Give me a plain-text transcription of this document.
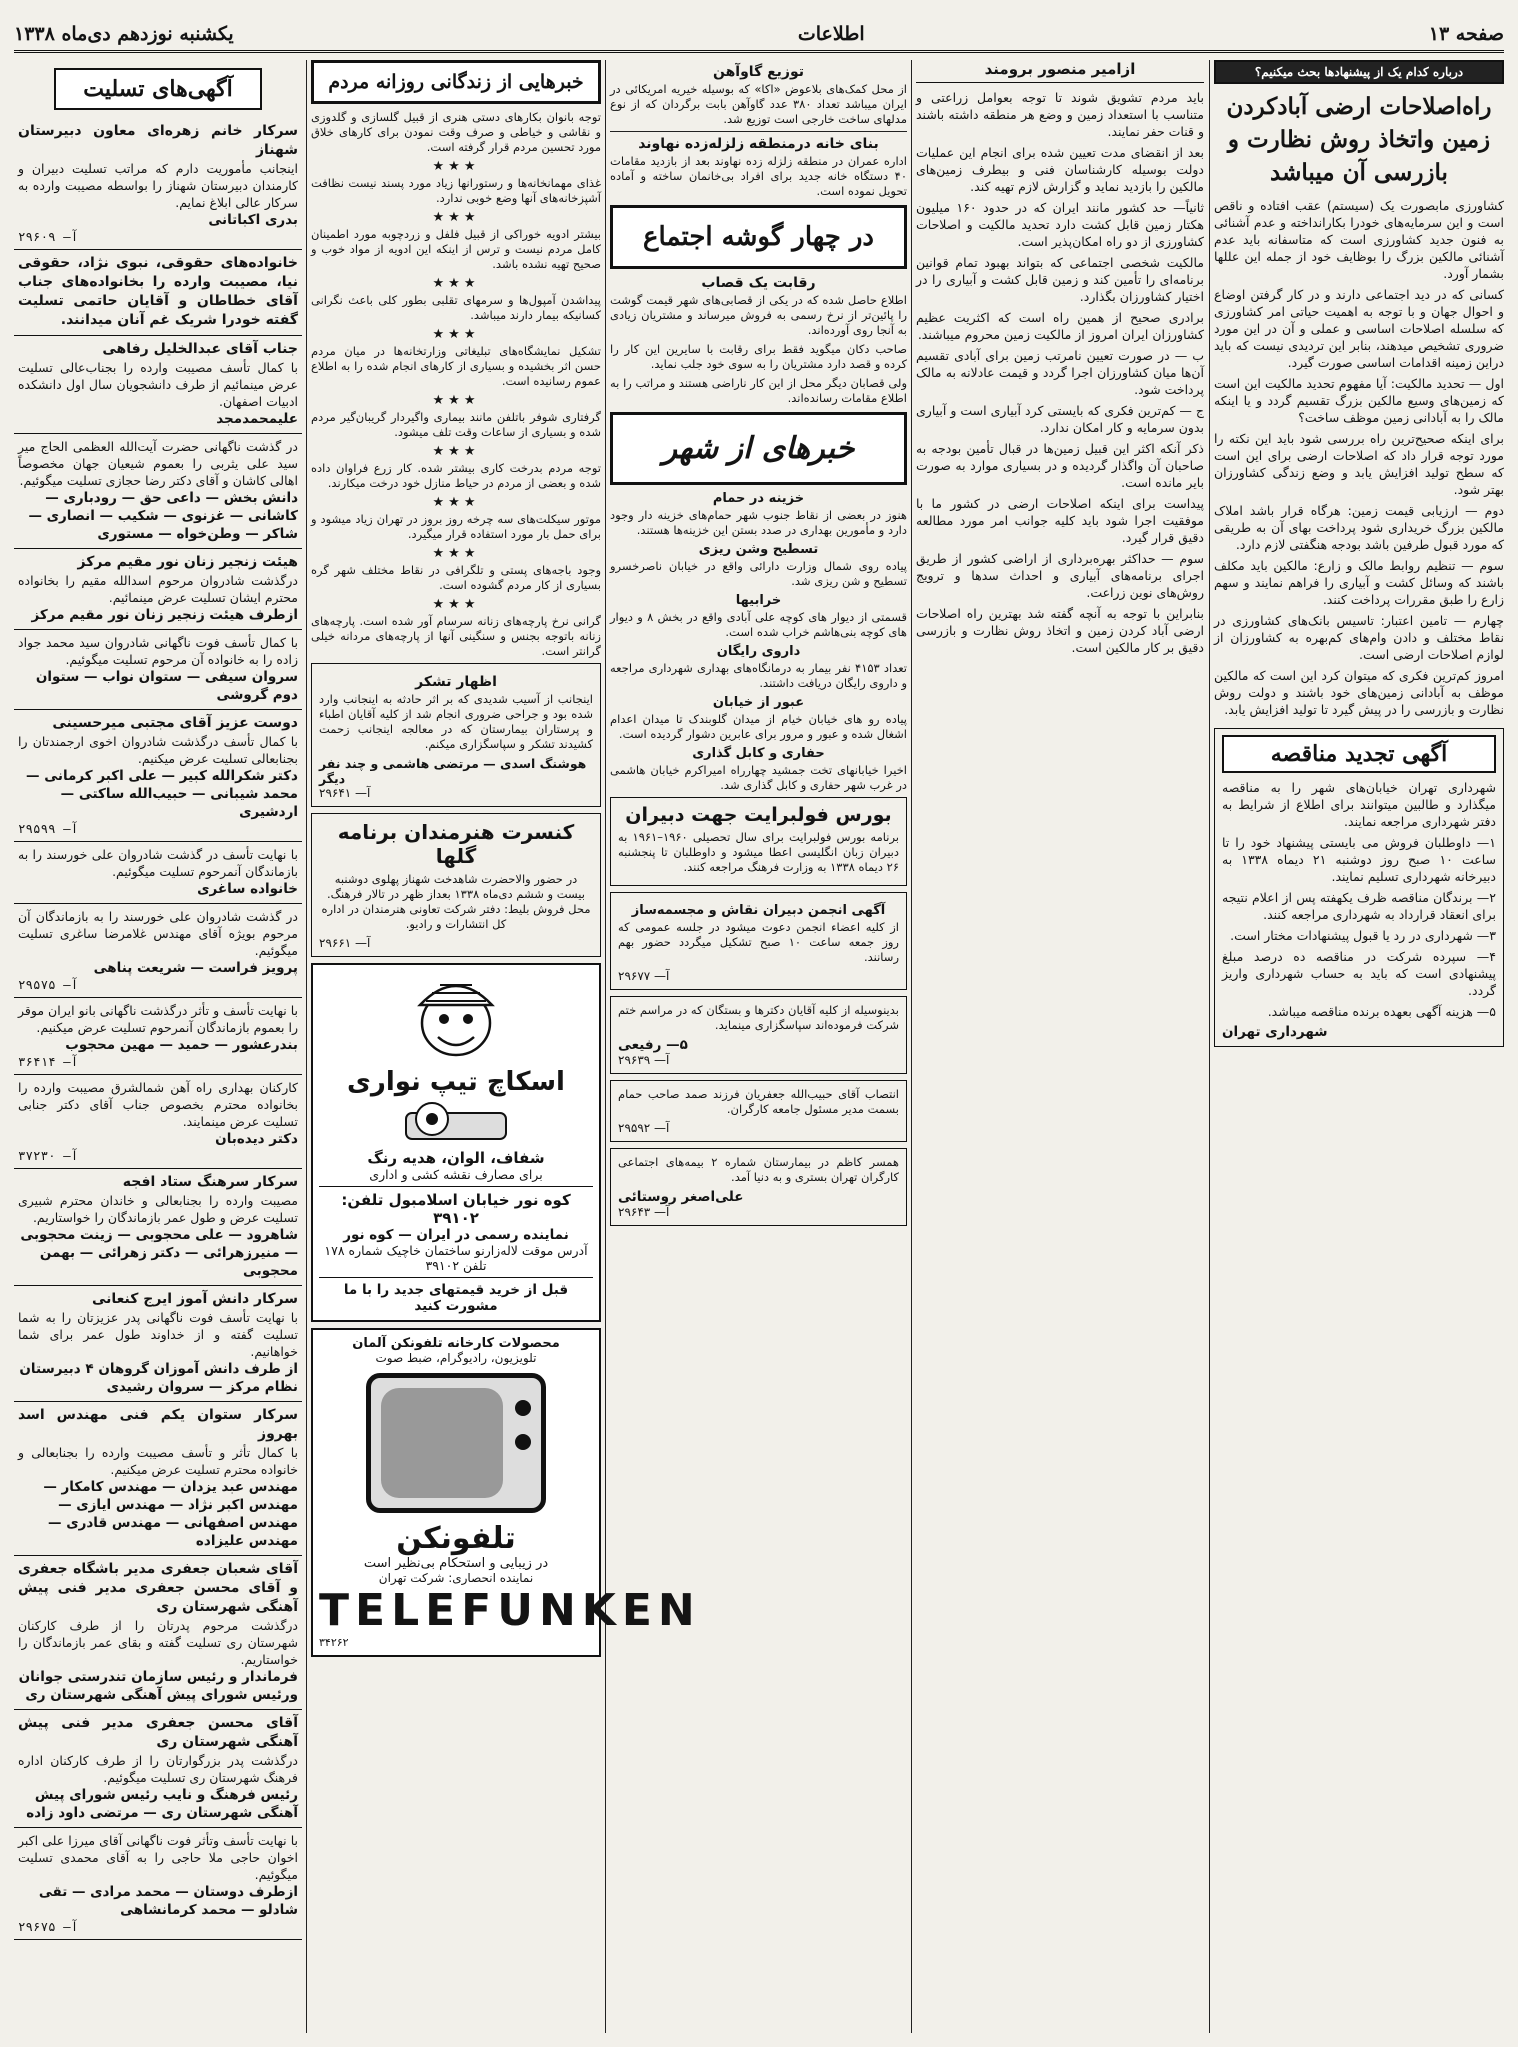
صفحه ۱۳
اطلاعات
یکشنبه نوزدهم دی‌ماه ۱۳۳۸
درباره کدام یک از پیشنهادها بحث میکنیم؟
راه‌اصلاحات ارضی آبادکردن زمین واتخاذ روش نظارت و بازرسی آن میباشد

کشاورزی مابصورت یک (سیستم) عقب افتاده و ناقص است و این سرمایه‌های خودرا بکارانداخته و عدم آشنائی به فنون جدید کشاورزی است که متاسفانه باید عدم آشنائی مالکین بزرگ را بوظایف خود از جمله این عللها بشمار آورد.

کسانی که در دید اجتماعی دارند و در کار گرفتن اوضاع و احوال جهان و با توجه به اهمیت حیاتی امر کشاورزی که سلسله اصلاحات اساسی و عملی و آن در این مورد ضروری تشخیص میدهند، بنابر این تردیدی نیست که باید دراین زمینه اقدامات اساسی صورت گیرد.

اول — تحدید مالکیت: آیا مفهوم تحدید مالکیت این است که زمین‌های وسیع مالکین بزرگ تقسیم گردد و یا اینکه مالک را به آبادانی زمین موظف ساخت؟

برای اینکه صحیح‌ترین راه بررسی شود باید این نکته را مورد توجه قرار داد که اصلاحات ارضی برای این است که سطح تولید افزایش یابد و وضع زندگی کشاورزان بهتر شود.

دوم — ارزیابی قیمت زمین: هرگاه قرار باشد املاک مالکین بزرگ خریداری شود پرداخت بهای آن به طریقی که مورد قبول طرفین باشد بودجه هنگفتی لازم دارد.

سوم — تنظیم روابط مالک و زارع: مالکین باید مکلف باشند که وسائل کشت و آبیاری را فراهم نمایند و سهم زارع را طبق مقررات پرداخت کنند.

چهارم — تامین اعتبار: تاسیس بانک‌های کشاورزی در نقاط مختلف و دادن وام‌های کم‌بهره به کشاورزان از لوازم اصلاحات ارضی است.

امروز کم‌ترین فکری که میتوان کرد این است که مالکین موظف به آبادانی زمین‌های خود باشند و دولت روش نظارت و بازرسی را در پیش گیرد تا تولید افزایش یابد.

آگهی تجدید مناقصه

شهرداری تهران خیابان‌های شهر را به مناقصه میگذارد و طالبین میتوانند برای اطلاع از شرایط به دفتر شهرداری مراجعه نمایند.

۱— داوطلبان فروش می بایستی پیشنهاد خود را تا ساعت ۱۰ صبح روز دوشنبه ۲۱ دیماه ۱۳۳۸ به دبیرخانه شهرداری تسلیم نمایند.

۲— برندگان مناقصه ظرف یکهفته پس از اعلام نتیجه برای انعقاد قرارداد به شهرداری مراجعه کنند.

۳— شهرداری در رد یا قبول پیشنهادات مختار است.

۴— سپرده شرکت در مناقصه ده درصد مبلغ پیشنهادی است که باید به حساب شهرداری واریز گردد.

۵— هزینه آگهی بعهده برنده مناقصه میباشد.

شهرداری تهران
ازامیر منصور برومند

باید مردم تشویق شوند تا توجه بعوامل زراعتی و متناسب با استعداد زمین و وضع هر منطقه داشته باشند و قنات حفر نمایند.

بعد از انقضای مدت تعیین شده برای انجام این عملیات دولت بوسیله کارشناسان فنی و بیطرف زمین‌های مالکین را بازدید نماید و گزارش لازم تهیه کند.

ثانیاً— حد کشور مانند ایران که در حدود ۱۶۰ میلیون هکتار زمین قابل کشت دارد تحدید مالکیت و اصلاحات کشاورزی از دو راه امکان‌پذیر است.

مالکیت شخصی اجتماعی که بتواند بهبود تمام قوانین برنامه‌ای را تأمین کند و زمین قابل کشت و آبیاری را در اختیار کشاورزان بگذارد.

برادری صحیح از همین راه است که اکثریت عظیم کشاورزان ایران امروز از مالکیت زمین محروم میباشند.

ب — در صورت تعیین نامرتب زمین برای آبادی تقسیم آن‌ها میان کشاورزان اجرا گردد و قیمت عادلانه به مالک پرداخت شود.

ج — کم‌ترین فکری که بایستی کرد آبیاری است و آبیاری بدون سرمایه و کار امکان ندارد.

ذکر آنکه اکثر این قبیل زمین‌ها در قبال تأمین بودجه به صاحبان آن واگذار گردیده و در بسیاری موارد به صورت بایر مانده است.

پیداست برای اینکه اصلاحات ارضی در کشور ما با موفقیت اجرا شود باید کلیه جوانب امر مورد مطالعه دقیق قرار گیرد.

سوم — حداکثر بهره‌برداری از اراضی کشور از طریق اجرای برنامه‌های آبیاری و احداث سدها و ترویج روش‌های نوین زراعت.

بنابراین با توجه به آنچه گفته شد بهترین راه اصلاحات ارضی آباد کردن زمین و اتخاذ روش نظارت و بازرسی دقیق بر کار مالکین است.

توزیع گاوآهن

از محل کمک‌های بلاعوض «اکا» که بوسیله خیریه امریکائی در ایران میباشد تعداد ۳۸۰ عدد گاوآهن بابت برگردان که از نوع مدلهای ساخت خارجی است توزیع شد.

بنای خانه درمنطقه زلزله‌زده نهاوند

اداره عمران در منطقه زلزله زده نهاوند بعد از بازدید مقامات ۴۰ دستگاه خانه جدید برای افراد بی‌خانمان ساخته و آماده تحویل نموده است.

در چهار گوشه اجتماع
رقابت یک قصاب

اطلاع حاصل شده که در یکی از قصابی‌های شهر قیمت گوشت را پائین‌تر از نرخ رسمی به فروش میرساند و مشتریان زیادی به آنجا روی آورده‌اند.

صاحب دکان میگوید فقط برای رقابت با سایرین این کار را کرده و قصد دارد مشتریان را به سوی خود جلب نماید.

ولی قصابان دیگر محل از این کار ناراضی هستند و مراتب را به اطلاع مقامات رسانده‌اند.

خبرهای از شهر
خزینه در حمام

هنوز در بعضی از نقاط جنوب شهر حمام‌های خزینه دار وجود دارد و مأمورین بهداری در صدد بستن این خزینه‌ها هستند.

تسطیح وشن ریزی

پیاده روی شمال وزارت دارائی واقع در خیابان ناصرخسرو تسطیح و شن ریزی شد.

خرابیها

قسمتی از دیوار های کوچه علی آبادی واقع در بخش ۸ و دیوار های کوچه بنی‌هاشم خراب شده است.

داروی رایگان

تعداد ۴۱۵۳ نفر بیمار به درمانگاه‌های بهداری شهرداری مراجعه و داروی رایگان دریافت داشتند.

عبور از خیابان

پیاده رو های خیابان خیام از میدان گلوبندک تا میدان اعدام اشغال شده و عبور و مرور برای عابرین دشوار گردیده است.

حفاری و کابل گذاری

اخیرا خیابانهای تخت جمشید چهارراه امیراکرم خیابان هاشمی در غرب شهر حفاری و کابل گذاری شد.

بورس فولبرایت جهت دبیران

برنامه بورس فولبرایت برای سال تحصیلی ۱۹۶۰–۱۹۶۱ به دبیران زبان انگلیسی اعطا میشود و داوطلبان تا پنجشنبه ۲۶ دیماه ۱۳۳۸ به وزارت فرهنگ مراجعه کنند.

آگهی انجمن دبیران نقاش و مجسمه‌ساز

از کلیه اعضاء انجمن دعوت میشود در جلسه عمومی که روز جمعه ساعت ۱۰ صبح تشکیل میگردد حضور بهم رسانند.

آ— ۲۹۶۷۷

بدینوسیله از کلیه آقایان دکتر‌ها و بستگان که در مراسم ختم شرکت فرموده‌اند سپاسگزاری مینماید.

۵— رفیعی
آ— ۲۹۶۳۹

انتصاب آقای حبیب‌الله جعفریان فرزند صمد صاحب حمام بسمت مدیر مسئول جامعه کارگران.

آ— ۲۹۵۹۲

همسر کاظم در بیمارستان شماره ۲ بیمه‌های اجتماعی کارگران تهران بستری و به دنیا آمد.

علی‌اصغر روستائی
آ— ۲۹۶۴۳
خبرهایی از زندگانی روزانه مردم

توجه بانوان بکارهای دستی هنری از قبیل گلسازی و گلدوزی و نقاشی و خیاطی و صرف وقت نمودن برای کارهای خلاق مورد تحسین مردم قرار گرفته است.

★★★

غذای مهمانخانه‌ها و رستورانها زیاد مورد پسند نیست نظافت آشپزخانه‌های آنها وضع خوبی ندارد.

★★★

بیشتر ادویه خوراکی از قبیل فلفل و زردچوبه مورد اطمینان کامل مردم نیست و ترس از اینکه این ادویه از مواد خوب و صحیح تهیه نشده باشد.

★★★

پیداشدن آمپول‌ها و سرمهای تقلبی بطور کلی باعث نگرانی کسانیکه بیمار دارند میباشد.

★★★

تشکیل نمایشگاه‌های تبلیغاتی وزارتخانه‌ها در میان مردم حسن اثر بخشیده و بسیاری از کارهای انجام شده را به اطلاع عموم رسانیده است.

★★★

گرفتاری شوفر باتلفن مانند بیماری واگیردار گریبان‌گیر مردم شده و بسیاری از ساعات وقت تلف میشود.

★★★

توجه مردم بدرخت کاری بیشتر شده. کار زرع فراوان داده شده و بعضی از مردم در حیاط منازل خود درخت میکارند.

★★★

موتور سیکلت‌های سه چرخه روز بروز در تهران زیاد میشود و برای حمل بار مورد استفاده قرار میگیرد.

★★★

وجود باجه‌های پستی و تلگرافی در نقاط مختلف شهر گره بسیاری از کار مردم گشوده است.

★★★

گرانی نرخ پارچه‌های زنانه سرسام آور شده است. پارچه‌های زنانه باتوجه بجنس و سنگینی آنها از پارچه‌های مردانه خیلی گرانتر است.

اظهار تشکر

اینجانب از آسیب شدیدی که بر اثر حادثه به اینجانب وارد شده بود و جراحی ضروری انجام شد از کلیه آقایان اطباء و پرستاران بیمارستان که در معالجه اینجانب زحمت کشیدند تشکر و سپاسگزاری میکنم.

هوشنگ اسدی — مرتضی هاشمی و چند نفر دیگر
آ— ۲۹۶۴۱
کنسرت هنرمندان برنامه گلها

در حضور والاحضرت شاهدخت شهناز پهلوی دوشنبه بیست و ششم دی‌ماه ۱۳۳۸ بعداز ظهر در تالار فرهنگ. محل فروش بلیط: دفتر شرکت تعاونی هنرمندان در اداره کل انتشارات و رادیو.

آ— ۲۹۶۶۱
اسکاچ تیپ نواری
شفاف، الوان، هدیه رنگ
برای مصارف نقشه کشی و اداری
کوه نور خیابان اسلامبول تلفن: ۳۹۱۰۲
نماینده رسمی در ایران — کوه نور
آدرس موقت لاله‌زارنو ساختمان خاچیک شماره ۱۷۸ تلفن ۳۹۱۰۲
قبل از خرید قیمتهای جدید را با ما مشورت کنید
محصولات کارخانه تلفونکن آلمان
تلویزیون، رادیوگرام، ضبط صوت
تلفونکن
در زیبایی و استحکام بی‌نظیر است
نماینده انحصاری: شرکت تهران
TELEFUNKEN
۳۴۲۶۲
آگهی‌های تسلیت
سرکار خانم زهره‌ای معاون دبیرستان شهناز
اینجانب مأموریت دارم که مراتب تسلیت دبیران و کارمندان دبیرستان شهناز را بواسطه مصیبت وارده به سرکار عالی ابلاغ نمایم.
بدری اکباتانی
آ— ۲۹۶۰۹
خانواده‌های حقوقی، نبوی نژاد، حقوقی نیا، مصیبت وارده را بخانواده‌های جناب آقای خطاطان و آقایان حاتمی تسلیت گفته خودرا شریک غم آنان میدانند.
جناب آقای عبدالخلیل رفاهی
با کمال تأسف مصیبت وارده را بجناب‌عالی تسلیت عرض مینمائیم از طرف دانشجویان سال اول دانشکده ادبیات اصفهان.
علیمحمدمجد
در گذشت ناگهانی حضرت آیت‌الله العظمی الحاج میر سید علی یثربی را بعموم شیعیان جهان مخصوصاً اهالی کاشان و آقای دکتر رضا حجازی تسلیت میگوئیم.
دانش بخش — داعی حق — رودباری — کاشانی — غزنوی — شکیب — انصاری — شاکر — وطن‌خواه — مستوری
هیئت زنجیر زنان نور مقیم مرکز
درگذشت شادروان مرحوم اسدالله مقیم را بخانواده محترم ایشان تسلیت عرض مینمائیم.
ازطرف هیئت زنجیر زنان نور مقیم مرکز
با کمال تأسف فوت ناگهانی شادروان سید محمد جواد زاده را به خانواده آن مرحوم تسلیت میگوئیم.
سروان سیفی — ستوان نواب — ستوان دوم گروشی
دوست عزیز آقای مجتبی میرحسینی
با کمال تأسف درگذشت شادروان اخوی ارجمندتان را بجنابعالی تسلیت عرض میکنیم.
دکتر شکرالله کبیر — علی اکبر کرمانی — محمد شیبانی — حبیب‌الله ساکتی — اردشیری
آ— ۲۹۵۹۹
با نهایت تأسف در گذشت شادروان علی خورسند را به بازماندگان آنمرحوم تسلیت میگوئیم.
خانواده ساغری
در گذشت شادروان علی خورسند را به بازماندگان آن مرحوم بویژه آقای مهندس غلامرضا ساغری تسلیت میگوئیم.
پرویز فراست — شریعت پناهی
آ— ۲۹۵۷۵
با نهایت تأسف و تأثر درگذشت ناگهانی بانو ایران موقر را بعموم بازماندگان آنمرحوم تسلیت عرض میکنیم.
بندرعشور — حمید — مهین محجوب
آ— ۳۶۴۱۴
کارکنان بهداری راه آهن شمالشرق مصیبت وارده را بخانواده محترم بخصوص جناب آقای دکتر جنابی تسلیت عرض مینمایند.
دکتر دیده‌بان
آ— ۳۷۲۳۰
سرکار سرهنگ ستاد افجه
مصیبت وارده را بجنابعالی و خاندان محترم شبیری تسلیت عرض و طول عمر بازماندگان را خواستاریم.
شاهرود — علی محجوبی — زینت محجوبی — منیرزهرائی — دکتر زهرائی — بهمن محجوبی
سرکار دانش آموز ایرج کنعانی
با نهایت تأسف فوت ناگهانی پدر عزیزتان را به شما تسلیت گفته و از خداوند طول عمر برای شما خواهانیم.
از طرف دانش آموزان گروهان ۴ دبیرستان نظام مرکز — سروان رشیدی
سرکار ستوان یکم فنی مهندس اسد بهروز
با کمال تأثر و تأسف مصیبت وارده را بجنابعالی و خانواده محترم تسلیت عرض میکنیم.
مهندس عبد یزدان — مهندس کامکار — مهندس اکبر نژاد — مهندس ایازی — مهندس اصفهانی — مهندس قادری — مهندس علیزاده
آقای شعبان جعفری مدیر باشگاه جعفری و آقای محسن جعفری مدیر فنی پیش آهنگی شهرستان ری
درگذشت مرحوم پدرتان را از طرف کارکنان شهرستان ری تسلیت گفته و بقای عمر بازماندگان را خواستاریم.
فرماندار و رئیس سازمان تندرستی جوانان ورئیس شورای پیش آهنگی شهرستان ری
آقای محسن جعفری مدیر فنی پیش آهنگی شهرستان ری
درگذشت پدر بزرگوارتان را از طرف کارکنان اداره فرهنگ شهرستان ری تسلیت میگوئیم.
رئیس فرهنگ و نایب رئیس شورای پیش آهنگی شهرستان ری — مرتضی داود زاده
با نهایت تأسف وتأثر فوت ناگهانی آقای میرزا علی اکبر اخوان حاجی ملا حاجی را به آقای محمدی تسلیت میگوئیم.
ازطرف دوستان — محمد مرادی — تقی شادلو — محمد کرمانشاهی
آ— ۲۹۶۷۵
